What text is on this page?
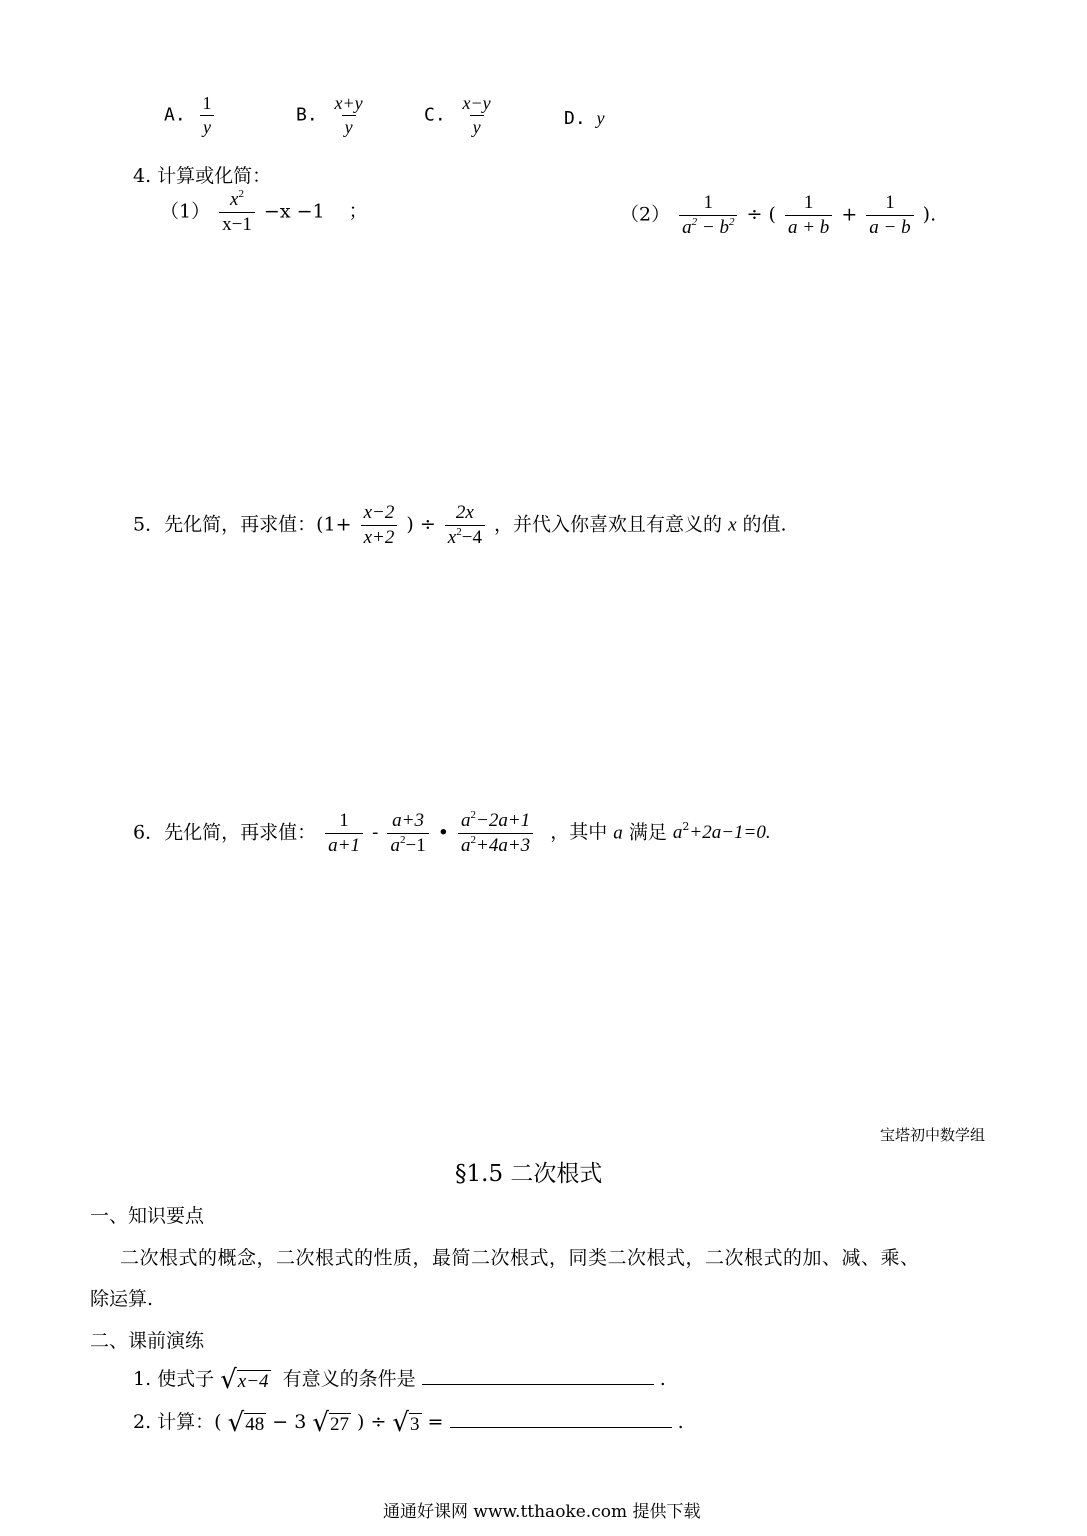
A. $\frac{1}{y}$	B. $\frac{x+y}{y}$	C. $\frac{x-y}{y}$	D. y
4. 计算或化简：
$(1) \frac{x^2}{x-1} -x -1$ ；	$(2) \frac{1}{a^2 - b^2}$ ÷ ( $\frac{1}{a + b} + \frac{1}{a - b}$ ).
5．先化简，再求值：($1+ \frac{x-2}{x+2}$ ) ÷ $\frac{2x}{x^2-4}$ ，并代入你喜欢且有意义的 x 的值.
6．先化简，再求值： $\frac{1}{a+1} - \frac{a+3}{a^2-1}$ • $\frac{a^2-2a+1}{a^2+4a+3}$ ，其中 a 满足 $a^2+2a-1=0$.
宝塔初中数学组
§1.5 二次根式
一、知识要点
二次根式的概念，二次根式的性质，最简二次根式，同类二次根式，二次根式的加、减、乘、
除运算.
二、课前演练
1. 使式子 √ x−4 有意义的条件是	.
2. 计算：( √ 48 − 3 √ 27 ) ÷ √ 3 =	.
通通好课网 www.tthaoke.com 提供下载
